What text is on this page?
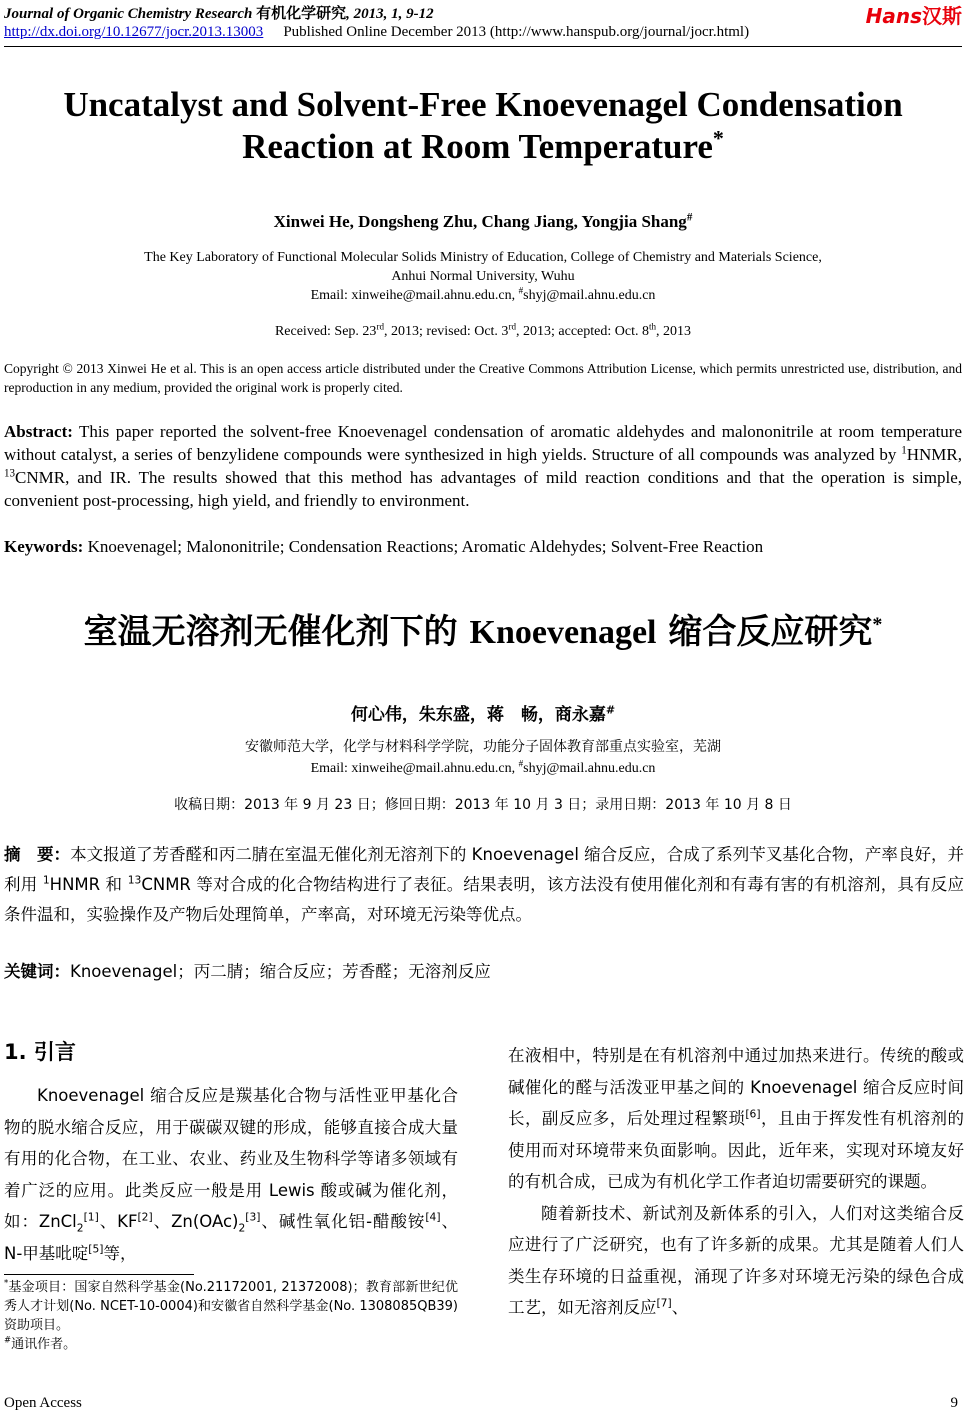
Journal of Organic Chemistry Research 有机化学研究, 2013, 1, 9-12	Hans汉斯
http://dx.doi.org/10.12677/jocr.2013.13003 Published Online December 2013 (http://www.hanspub.org/journal/jocr.html)
Uncatalyst and Solvent-Free Knoevenagel Condensation Reaction at Room Temperature*
Xinwei He, Dongsheng Zhu, Chang Jiang, Yongjia Shang#
The Key Laboratory of Functional Molecular Solids Ministry of Education, College of Chemistry and Materials Science,
Anhui Normal University, Wuhu
Email: xinweihe@mail.ahnu.edu.cn, #shyj@mail.ahnu.edu.cn
Received: Sep. 23rd, 2013; revised: Oct. 3rd, 2013; accepted: Oct. 8th, 2013
Copyright © 2013 Xinwei He et al. This is an open access article distributed under the Creative Commons Attribution License, which permits unrestricted use, distribution, and reproduction in any medium, provided the original work is properly cited.
Abstract: This paper reported the solvent-free Knoevenagel condensation of aromatic aldehydes and malononitrile at room temperature without catalyst, a series of benzylidene compounds were synthesized in high yields. Structure of all compounds was analyzed by $^1$HNMR, $^{13}$CNMR, and IR. The results showed that this method has advantages of mild reaction conditions and that the operation is simple, convenient post-processing, high yield, and friendly to environment.
Keywords: Knoevenagel; Malononitrile; Condensation Reactions; Aromatic Aldehydes; Solvent-Free Reaction
室温无溶剂无催化剂下的 Knoevenagel 缩合反应研究*
何心伟，朱东盛，蒋　畅，商永嘉#
安徽师范大学，化学与材料科学学院，功能分子固体教育部重点实验室，芜湖
Email: xinweihe@mail.ahnu.edu.cn, #shyj@mail.ahnu.edu.cn
收稿日期：2013 年 9 月 23 日；修回日期：2013 年 10 月 3 日；录用日期：2013 年 10 月 8 日
摘　要：本文报道了芳香醛和丙二腈在室温无催化剂无溶剂下的 Knoevenagel 缩合反应，合成了系列苄叉基化合物，产率良好，并利用 $^1$HNMR 和 $^{13}$CNMR 等对合成的化合物结构进行了表征。结果表明，该方法没有使用催化剂和有毒有害的有机溶剂，具有反应条件温和，实验操作及产物后处理简单，产率高，对环境无污染等优点。
关键词：Knoevenagel；丙二腈；缩合反应；芳香醛；无溶剂反应
1. 引言
Knoevenagel 缩合反应是羰基化合物与活性亚甲基化合物的脱水缩合反应，用于碳碳双键的形成，能够直接合成大量有用的化合物，在工业、农业、药业及生物科学等诸多领域有着广泛的应用。此类反应一般是用 Lewis 酸或碱为催化剂，如：ZnCl$_2$[1]、KF[2]、$Zn(OAc)_2[3]$、碱性氧化铝-醋酸铵[4]、N-甲基吡啶[5]等，
在液相中，特别是在有机溶剂中通过加热来进行。传统的酸或碱催化的醛与活泼亚甲基之间的 Knoevenagel 缩合反应时间长，副反应多，后处理过程繁琐[6]，且由于挥发性有机溶剂的使用而对环境带来负面影响。因此，近年来，实现对环境友好的有机合成，已成为有机化学工作者迫切需要研究的课题。
随着新技术、新试剂及新体系的引入，人们对这类缩合反应进行了广泛研究，也有了许多新的成果。尤其是随着人们人类生存环境的日益重视，涌现了许多对环境无污染的绿色合成工艺，如无溶剂反应[7]、
*基金项目：国家自然科学基金(No.21172001, 21372008)；教育部新世纪优秀人才计划(No. NCET-10-0004)和安徽省自然科学基金(No. 1308085QB39)资助项目。
#通讯作者。
Open Access	9
